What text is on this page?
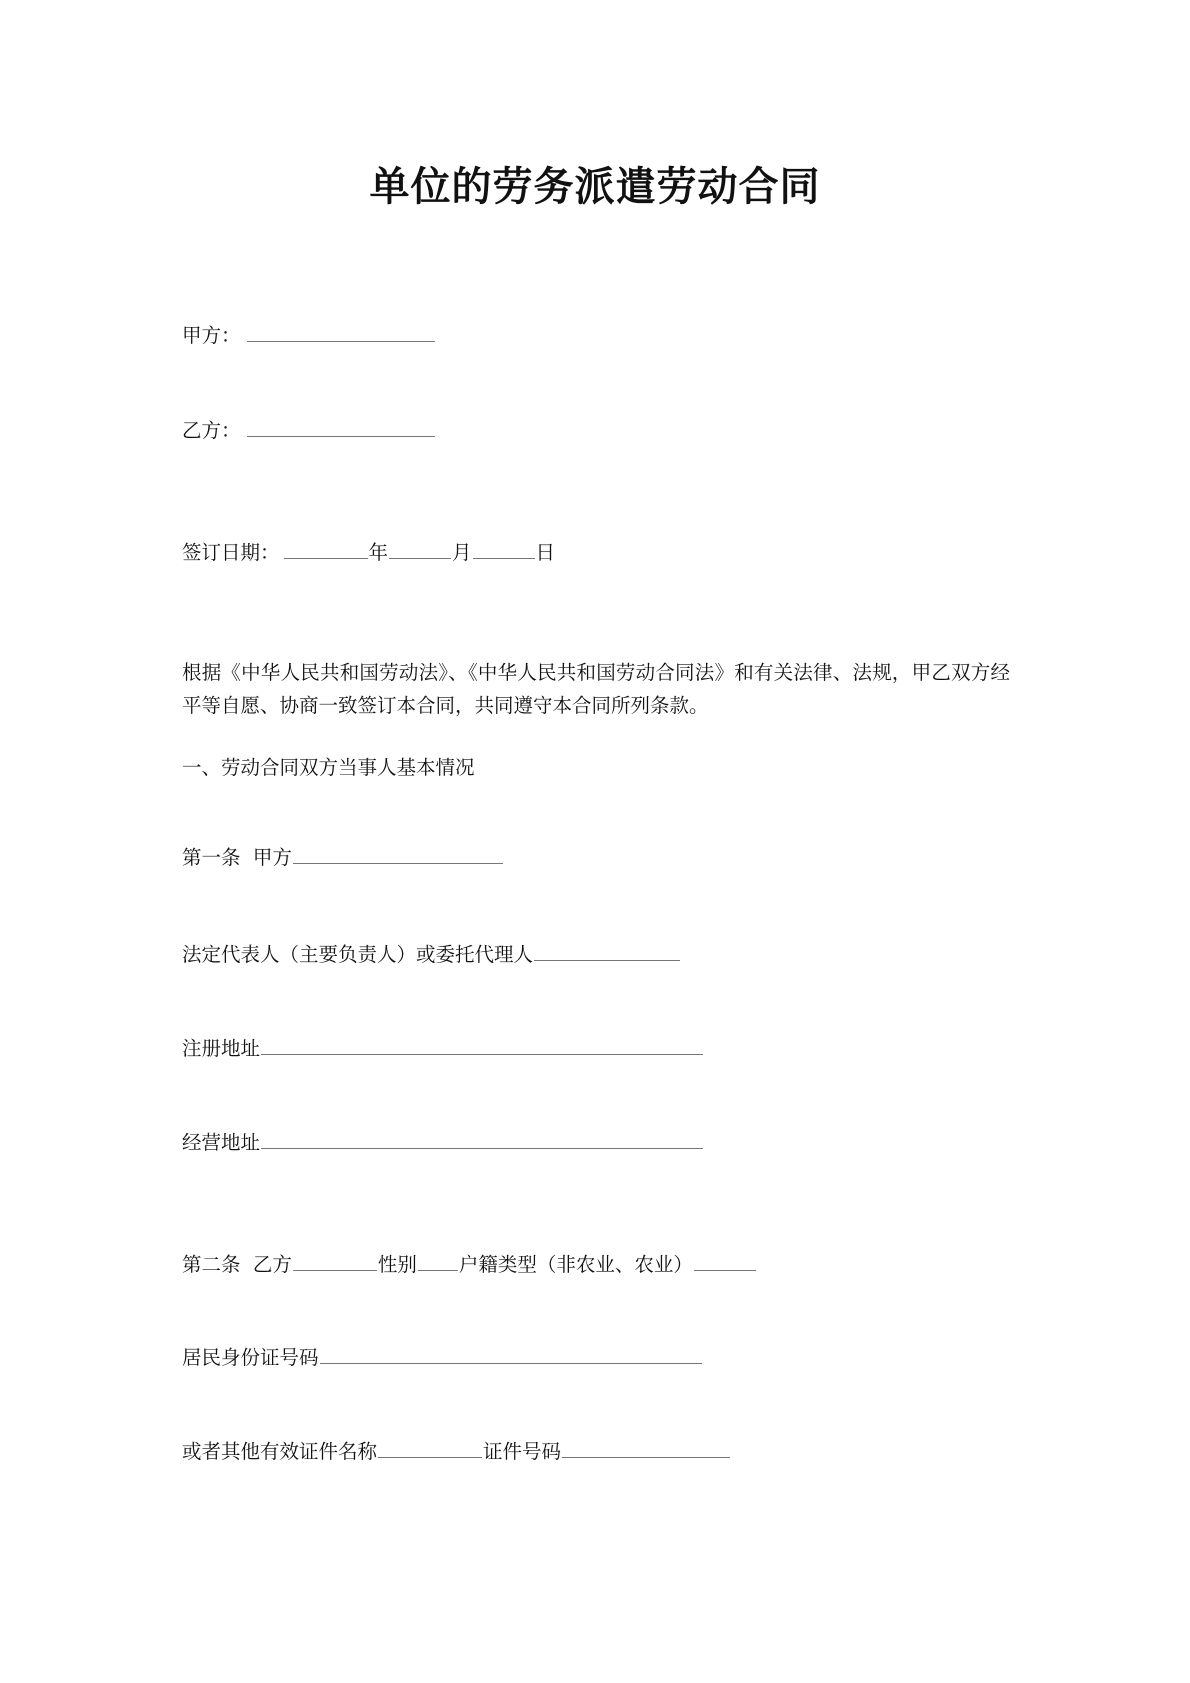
单位的劳务派遣劳动合同
甲方：
乙方：
签订日期：	年	月	日
根据《中华人民共和国劳动法》、《中华人民共和国劳动合同法》和有关法律、法规，甲乙双方经平等自愿、协商一致签订本合同，共同遵守本合同所列条款。
一、劳动合同双方当事人基本情况
第一条  甲方
法定代表人（主要负责人）或委托代理人
注册地址
经营地址
第二条  乙方	性别 户籍类型（非农业、农业）
居民身份证号码
或者其他有效证件名称	证件号码
